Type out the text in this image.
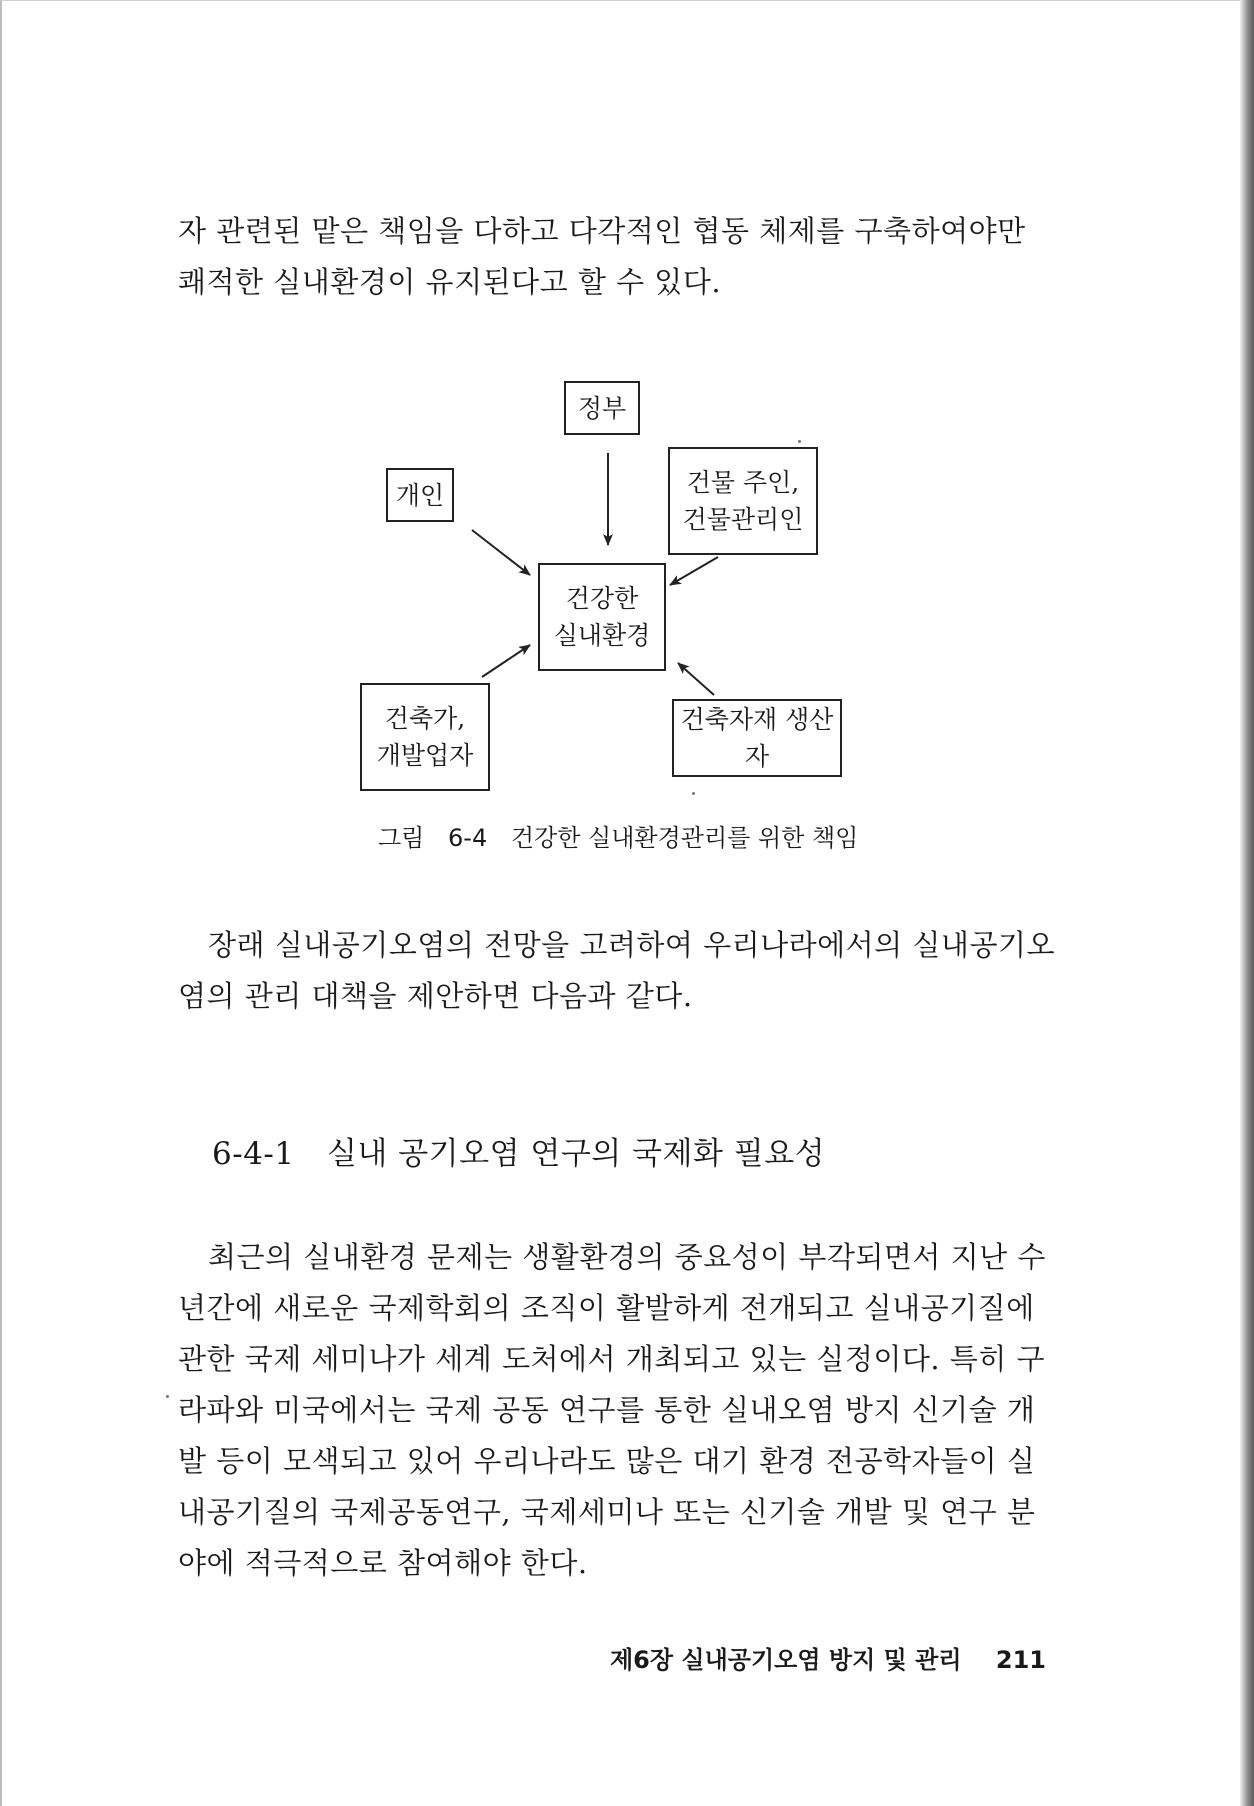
자 관련된 맡은 책임을 다하고 다각적인 협동 체제를 구축하여야만
쾌적한 실내환경이 유지된다고 할 수 있다.

정부
개인	건물 주인,
건물관리인
건강한
실내환경
건축가,
개발업자
건축자재 생산자
그림 6-4 건강한 실내환경관리를 위한 책임

장래 실내공기오염의 전망을 고려하여 우리나라에서의 실내공기오
염의 관리 대책을 제안하면 다음과 같다.

6-4-1 실내 공기오염 연구의 국제화 필요성

최근의 실내환경 문제는 생활환경의 중요성이 부각되면서 지난 수
년간에 새로운 국제학회의 조직이 활발하게 전개되고 실내공기질에
관한 국제 세미나가 세계 도처에서 개최되고 있는 실정이다. 특히 구
라파와 미국에서는 국제 공동 연구를 통한 실내오염 방지 신기술 개
발 등이 모색되고 있어 우리나라도 많은 대기 환경 전공학자들이 실
내공기질의 국제공동연구, 국제세미나 또는 신기술 개발 및 연구 분
야에 적극적으로 참여해야 한다.

제6장 실내공기오염 방지 및 관리 211
